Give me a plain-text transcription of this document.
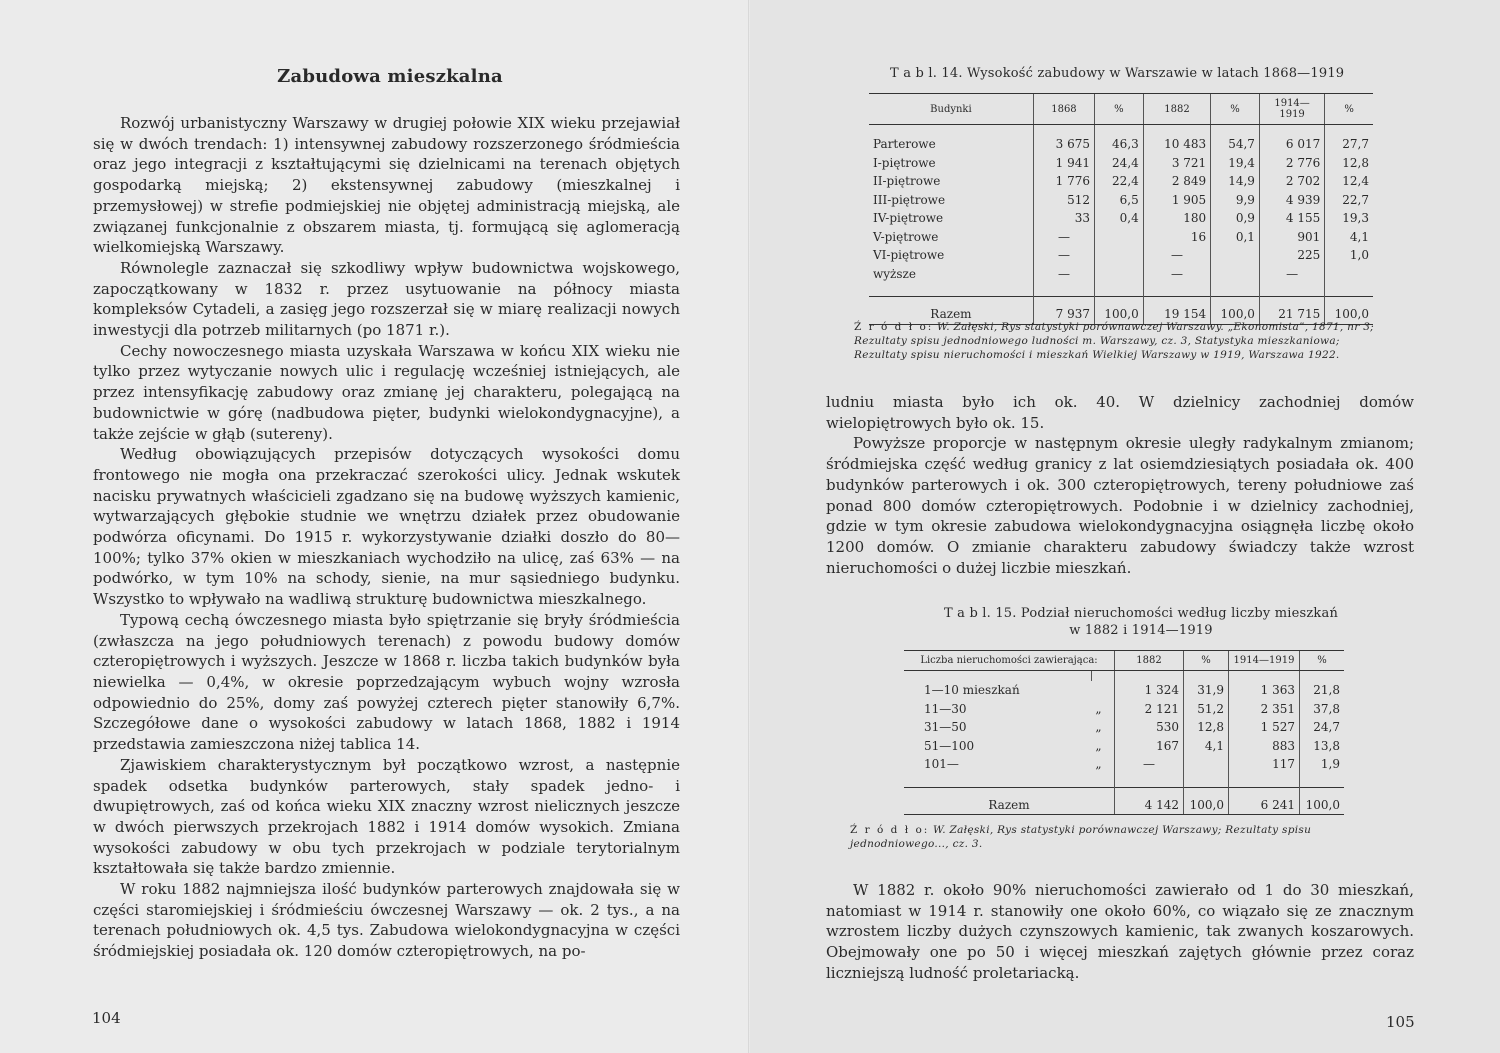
Zabudowa mieszkalna

Rozwój urbanistyczny Warszawy w drugiej połowie XIX wieku przejawiał się w dwóch trendach: 1) intensywnej zabudowy rozszerzonego śródmieścia oraz jego integracji z kształtującymi się dzielnicami na terenach objętych gospodarką miejską; 2) ekstensywnej zabudowy (mieszkalnej i przemysłowej) w strefie podmiejskiej nie objętej administracją miejską, ale związanej funkcjonalnie z obszarem miasta, tj. formującą się aglomeracją wielkomiejską Warszawy.

Równolegle zaznaczał się szkodliwy wpływ budownictwa wojskowego, zapoczątkowany w 1832 r. przez usytuowanie na północy miasta kompleksów Cytadeli, a zasięg jego rozszerzał się w miarę realizacji nowych inwestycji dla potrzeb militarnych (po 1871 r.).

Cechy nowoczesnego miasta uzyskała Warszawa w końcu XIX wieku nie tylko przez wytyczanie nowych ulic i regulację wcześniej istniejących, ale przez intensyfikację zabudowy oraz zmianę jej charakteru, polegającą na budownictwie w górę (nadbudowa pięter, budynki wielokondygnacyjne), a także zejście w głąb (sutereny).

Według obowiązujących przepisów dotyczących wysokości domu frontowego nie mogła ona przekraczać szerokości ulicy. Jednak wskutek nacisku prywatnych właścicieli zgadzano się na budowę wyższych kamienic, wytwarzających głębokie studnie we wnętrzu działek przez obudowanie podwórza oficynami. Do 1915 r. wykorzystywanie działki doszło do 80—100%; tylko 37% okien w mieszkaniach wychodziło na ulicę, zaś 63% — na podwórko, w tym 10% na schody, sienie, na mur sąsiedniego budynku. Wszystko to wpływało na wadliwą strukturę budownictwa mieszkalnego.

Typową cechą ówczesnego miasta było spiętrzanie się bryły śródmieścia (zwłaszcza na jego południowych terenach) z powodu budowy domów czteropiętrowych i wyższych. Jeszcze w 1868 r. liczba takich budynków była niewielka — 0,4%, w okresie poprzedzającym wybuch wojny wzrosła odpowiednio do 25%, domy zaś powyżej czterech pięter stanowiły 6,7%. Szczegółowe dane o wysokości zabudowy w latach 1868, 1882 i 1914 przedstawia zamieszczona niżej tablica 14.

Zjawiskiem charakterystycznym był początkowo wzrost, a następnie spadek odsetka budynków parterowych, stały spadek jedno- i dwupiętrowych, zaś od końca wieku XIX znaczny wzrost nielicznych jeszcze w dwóch pierwszych przekrojach 1882 i 1914 domów wysokich. Zmiana wysokości zabudowy w obu tych przekrojach w podziale terytorialnym kształtowała się także bardzo zmiennie.

W roku 1882 najmniejsza ilość budynków parterowych znajdowała się w części staromiejskiej i śródmieściu ówczesnej Warszawy — ok. 2 tys., a na terenach południowych ok. 4,5 tys. Zabudowa wielokondygnacyjna w części śródmiejskiej posiadała ok. 120 domów czteropiętrowych, na po-

104
T a b l. 14. Wysokość zabudowy w Warszawie w latach 1868—1919
Budynki	1868	%	1882	%	1914—1919	%

Parterowe	3 675	46,3	10 483	54,7	6 017	27,7
I-piętrowe	1 941	24,4	3 721	19,4	2 776	12,8
II-piętrowe	1 776	22,4	2 849	14,9	2 702	12,4
III-piętrowe	512	6,5	1 905	9,9	4 939	22,7
IV-piętrowe	33	0,4	180	0,9	4 155	19,3
V-piętrowe	—		16	0,1	901	4,1
VI-piętrowe	—		—		225	1,0
wyższe	—		—		—	
Razem	7 937	100,0	19 154	100,0	21 715	100,0
Ź r ó d ł o: W. Załęski, Rys statystyki porównawczej Warszawy. „Ekonomista”, 1871, nr 3; Rezultaty spisu jednodniowego ludności m. Warszawy, cz. 3, Statystyka mieszkaniowa; Rezultaty spisu nieruchomości i mieszkań Wielkiej Warszawy w 1919, Warszawa 1922.

ludniu miasta było ich ok. 40. W dzielnicy zachodniej domów wielopiętrowych było ok. 15.

Powyższe proporcje w następnym okresie uległy radykalnym zmianom; śródmiejska część według granicy z lat osiemdziesiątych posiadała ok. 400 budynków parterowych i ok. 300 czteropiętrowych, tereny południowe zaś ponad 800 domów czteropiętrowych. Podobnie i w dzielnicy zachodniej, gdzie w tym okresie zabudowa wielokondygnacyjna osiągnęła liczbę około 1200 domów. O zmianie charakteru zabudowy świadczy także wzrost nieruchomości o dużej liczbie mieszkań.

T a b l. 15. Podział nieruchomości według liczby mieszkań
w 1882 i 1914—1919
Liczba nieruchomości zawierająca:		1882	%	1914—1919	%

1—10 mieszkań		1 324	31,9	1 363	21,8
11—30	„	2 121	51,2	2 351	37,8
31—50	„	530	12,8	1 527	24,7
51—100	„	167	4,1	883	13,8
101—	„	—		117	1,9
Razem		4 142	100,0	6 241	100,0
Ź r ó d ł o: W. Załęski, Rys statystyki porównawczej Warszawy; Rezultaty spisu jednodniowego..., cz. 3.

W 1882 r. około 90% nieruchomości zawierało od 1 do 30 mieszkań, natomiast w 1914 r. stanowiły one około 60%, co wiązało się ze znacznym wzrostem liczby dużych czynszowych kamienic, tak zwanych koszarowych. Obejmowały one po 50 i więcej mieszkań zajętych głównie przez coraz liczniejszą ludność proletariacką.

105
